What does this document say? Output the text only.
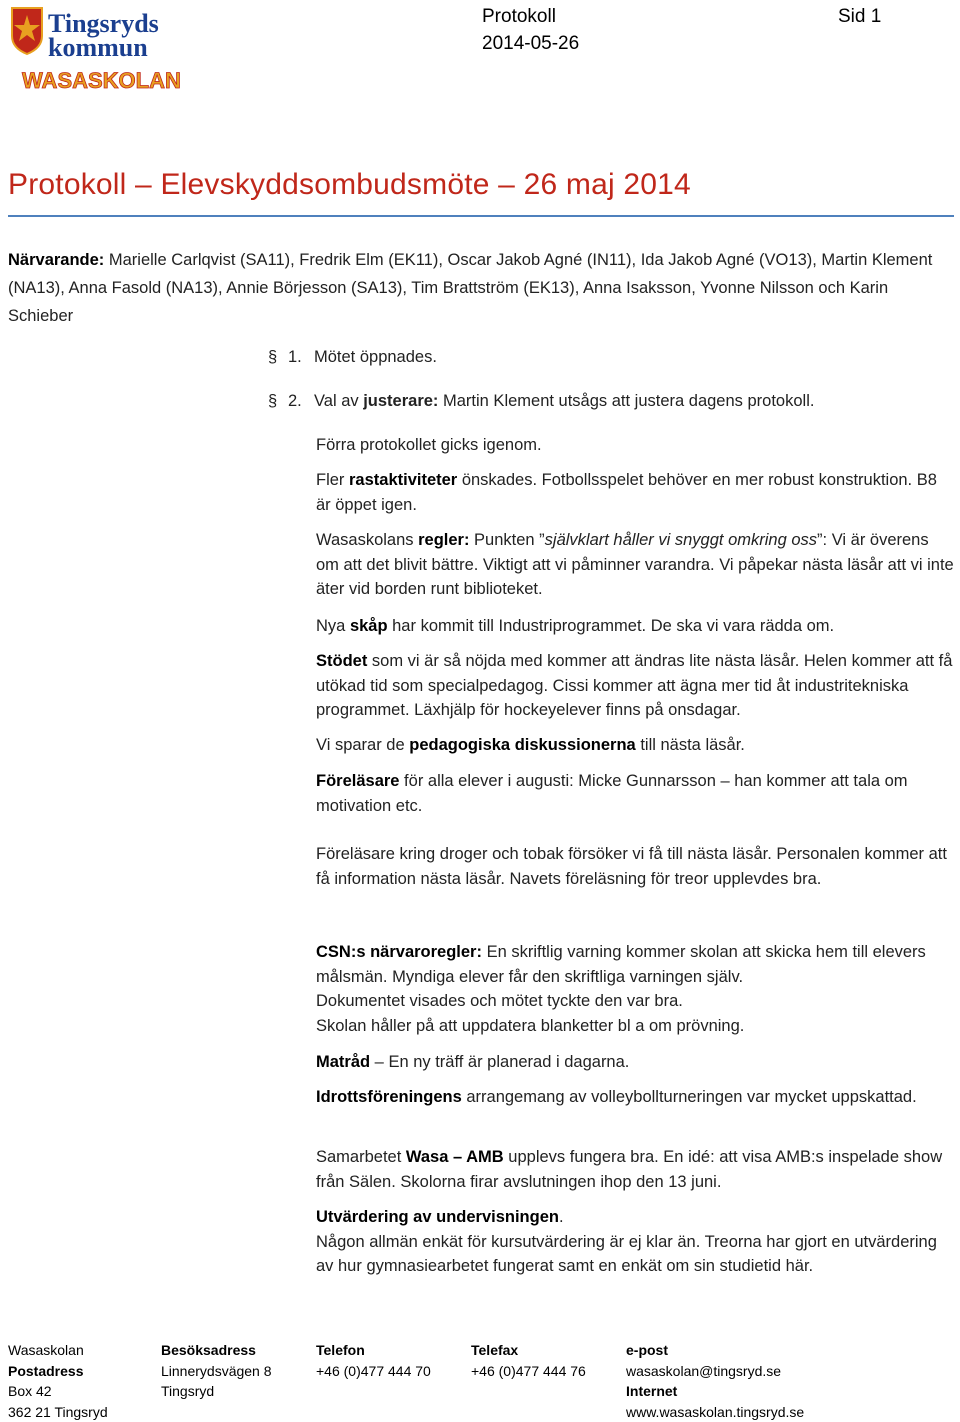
Tingsryds
kommun
WASASKOLAN
Protokoll
2014-05-26
Sid 1
Protokoll – Elevskyddsombudsmöte – 26 maj 2014
Närvarande: Marielle Carlqvist (SA11), Fredrik Elm (EK11), Oscar Jakob Agné (IN11), Ida Jakob Agné (VO13), Martin Klement (NA13), Anna Fasold (NA13), Annie Börjesson (SA13), Tim Brattström (EK13), Anna Isaksson, Yvonne Nilsson och Karin Schieber
§ 1. Mötet öppnades.
§ 2. Val av justerare: Martin Klement utsågs att justera dagens protokoll.
Förra protokollet gicks igenom.
Fler rastaktiviteter önskades. Fotbollsspelet behöver en mer robust konstruktion. B8 är öppet igen.
Wasaskolans regler: Punkten ”självklart håller vi snyggt omkring oss”: Vi är överens om att det blivit bättre. Viktigt att vi påminner varandra. Vi påpekar nästa läsår att vi inte äter vid borden runt biblioteket.
Nya skåp har kommit till Industriprogrammet. De ska vi vara rädda om.
Stödet som vi är så nöjda med kommer att ändras lite nästa läsår. Helen kommer att få utökad tid som specialpedagog. Cissi kommer att ägna mer tid åt industritekniska programmet. Läxhjälp för hockeyelever finns på onsdagar.
Vi sparar de pedagogiska diskussionerna till nästa läsår.
Föreläsare för alla elever i augusti: Micke Gunnarsson – han kommer att tala om motivation etc.
Föreläsare kring droger och tobak försöker vi få till nästa läsår. Personalen kommer att få information nästa läsår. Navets föreläsning för treor upplevdes bra.
CSN:s närvaroregler: En skriftlig varning kommer skolan att skicka hem till elevers målsmän. Myndiga elever får den skriftliga varningen själv.
Dokumentet visades och mötet tyckte den var bra.
Skolan håller på att uppdatera blanketter bl a om prövning.
Matråd – En ny träff är planerad i dagarna.
Idrottsföreningens arrangemang av volleybollturneringen var mycket uppskattad.
Samarbetet Wasa – AMB upplevs fungera bra. En idé: att visa AMB:s inspelade show från Sälen. Skolorna firar avslutningen ihop den 13 juni.
Utvärdering av undervisningen.
Någon allmän enkät för kursutvärdering är ej klar än. Treorna har gjort en utvärdering av hur gymnasiearbetet fungerat samt en enkät om sin studietid här.
Wasaskolan
Postadress
Box 42
362 21 Tingsryd
Besöksadress
Linnerydsvägen 8
Tingsryd
Telefon
+46 (0)477 444 70
Telefax
+46 (0)477 444 76
e-post
wasaskolan@tingsryd.se
Internet
www.wasaskolan.tingsryd.se
